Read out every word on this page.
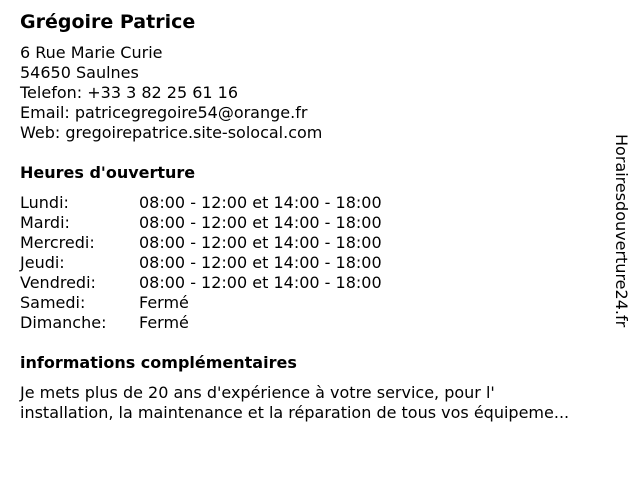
Grégoire Patrice
6 Rue Marie Curie
54650 Saulnes
Telefon: +33 3 82 25 61 16
Email: patricegregoire54@orange.fr
Web: gregoirepatrice.site-solocal.com
Heures d'ouverture
Lundi:	08:00 - 12:00 et 14:00 - 18:00
Mardi:	08:00 - 12:00 et 14:00 - 18:00
Mercredi:	08:00 - 12:00 et 14:00 - 18:00
Jeudi:	08:00 - 12:00 et 14:00 - 18:00
Vendredi:	08:00 - 12:00 et 14:00 - 18:00
Samedi:	Fermé
Dimanche:	Fermé
informations complémentaires
Je mets plus de 20 ans d'expérience à votre service, pour l'
installation, la maintenance et la réparation de tous vos équipeme...
Horairesdouverture24.fr
